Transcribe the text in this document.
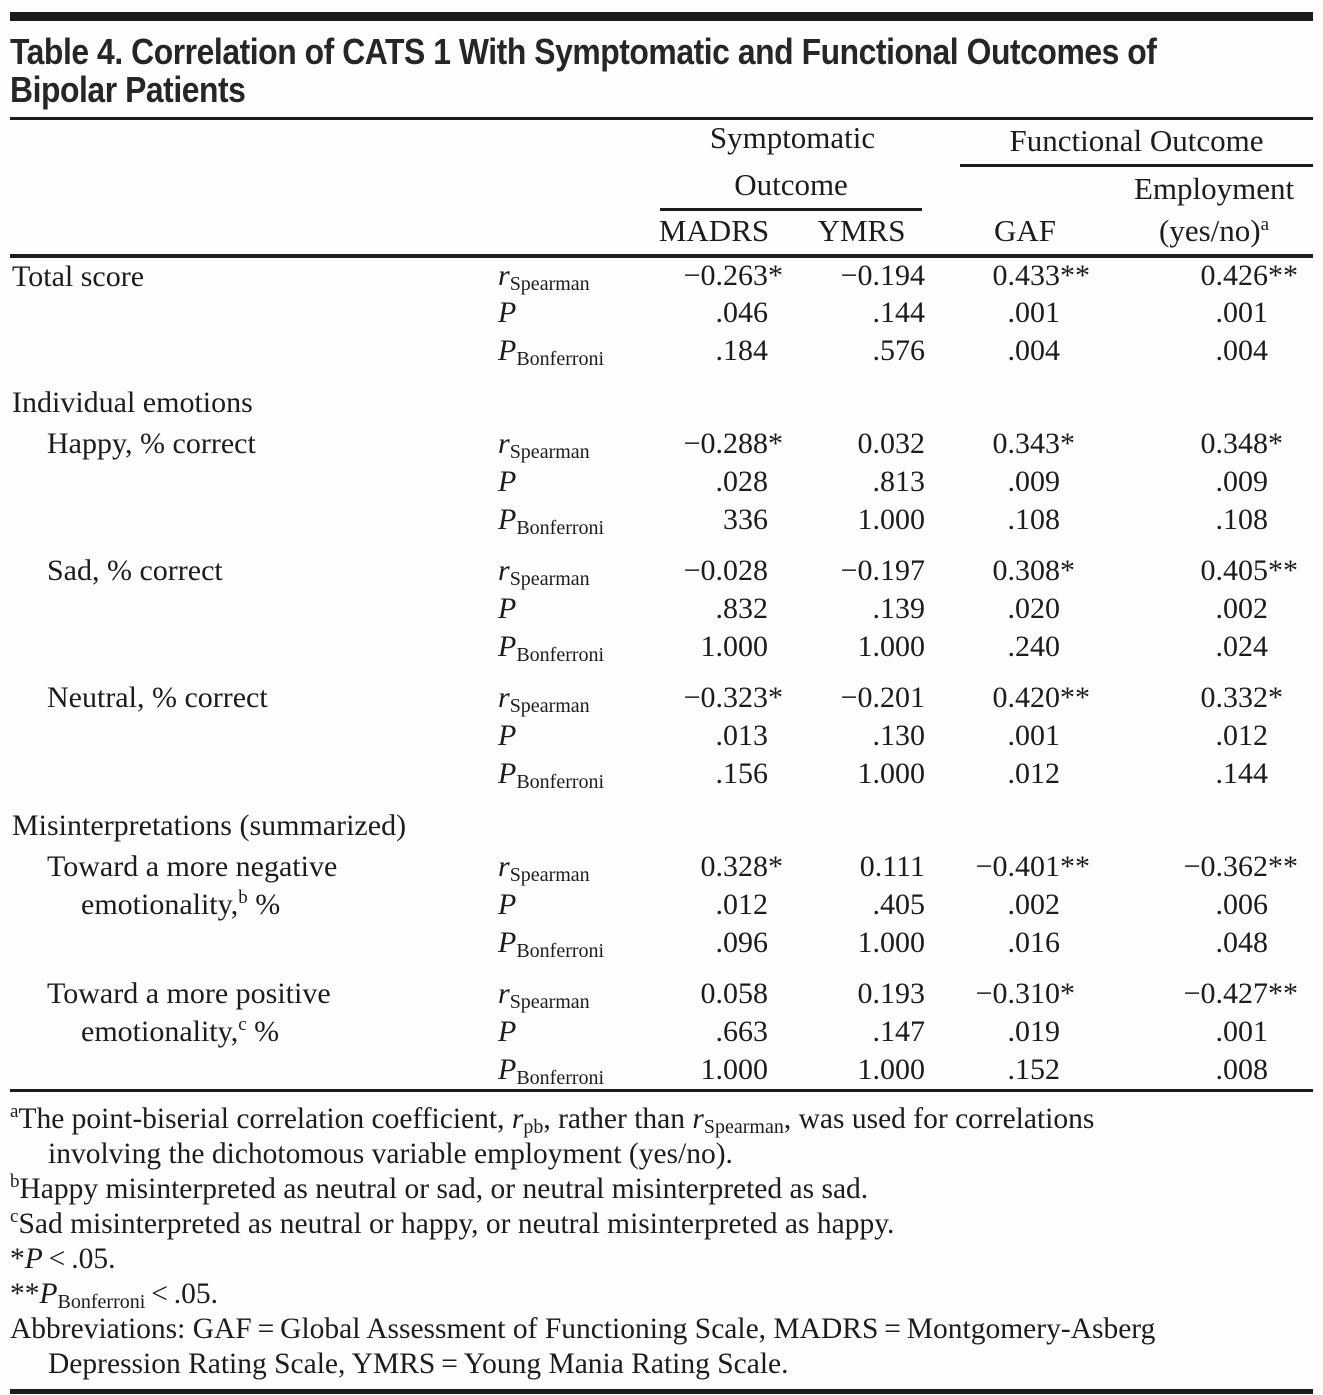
Table 4. Correlation of CATS 1 With Symptomatic and Functional Outcomes of
Bipolar Patients
		Symptomatic		Functional Outcome	

		Outcome			Employment
		MADRS	YMRS	GAF	$(yes/no)^a$

Total score	rSpearman	−0.263*	−0.194	0.433**	0.426**
	P	.046	.144	.001	.001
	PBonferroni	.184	.576	.004	.004
Individual emotions					

Happy, % correct	rSpearman	−0.288*	0.032	0.343*	0.348*
	P	.028	.813	.009	.009
	PBonferroni	336	1.000	.108	.108

Sad, % correct	rSpearman	−0.028	−0.197	0.308*	0.405**
	P	.832	.139	.020	.002
	PBonferroni	1.000	1.000	.240	.024

Neutral, % correct	rSpearman	−0.323*	−0.201	0.420**	0.332*
	P	.013	.130	.001	.012
	PBonferroni	.156	1.000	.012	.144
Misinterpretations (summarized)					

Toward a more negative
emotionality,$^b$ %	rSpearman	0.328*	0.111	−0.401**	−0.362**
	P	.012	.405	.002	.006
	PBonferroni	.096	1.000	.016	.048

Toward a more positive
emotionality,$^c$ %	rSpearman	0.058	0.193	−0.310*	−0.427**
	P	.663	.147	.019	.001
	PBonferroni	1.000	1.000	.152	.008

$^a$The point-biserial correlation coefficient, rpb, rather than rSpearman, was used for correlations
involving the dichotomous variable employment (yes/no).

$^b$Happy misinterpreted as neutral or sad, or neutral misinterpreted as sad.

$^c$Sad misinterpreted as neutral or happy, or neutral misinterpreted as happy.

*P < .05.

**PBonferroni < .05.

Abbreviations: GAF = Global Assessment of Functioning Scale, MADRS = Montgomery-Asberg
Depression Rating Scale, YMRS = Young Mania Rating Scale.
